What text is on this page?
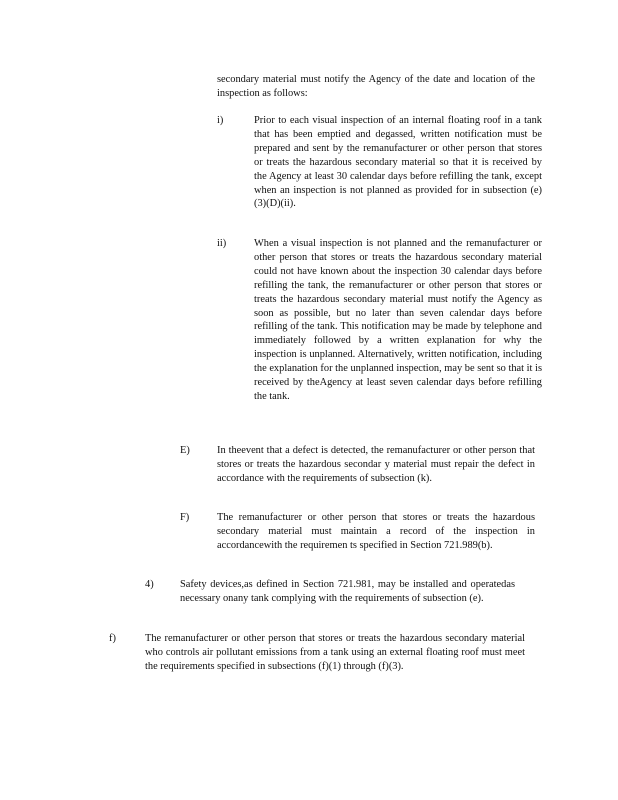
secondary material must notify the Agency of the date and location of the inspection as follows:

i)	Prior to each visual inspection of an internal floating roof in a tank that has been emptied and degassed, written notification must be prepared and sent by the remanufacturer or other person that stores or treats the hazardous secondary material so that it is received by the Agency at least 30 calendar days before refilling the tank, except when an inspection is not planned as provided for in subsection (e)(3)(D)(ii).

ii)	When a visual inspection is not planned and the remanufacturer or other person that stores or treats the hazardous secondary material could not have known about the inspection 30 calendar days before refilling the tank, the remanufacturer or other person that stores or treats the hazardous secondary material must notify the Agency as soon as possible, but no later than seven calendar days before refilling of the tank. This notification may be made by telephone and immediately followed by a written explanation for why the inspection is unplanned. Alternatively, written notification, including the explanation for the unplanned inspection, may be sent so that it is received by theAgency at least seven calendar days before refilling the tank.

E)	In theevent that a defect is detected, the remanufacturer or other person that stores or treats the hazardous secondar y material must repair the defect in accordance with the requirements of subsection (k).

F)	The remanufacturer or other person that stores or treats the hazardous secondary material must maintain a record of the inspection in accordancewith the requiremen ts specified in Section 721.989(b).

4)	Safety devices,as defined in Section 721.981, may be installed and operatedas necessary onany tank complying with the requirements of subsection (e).

f)	The remanufacturer or other person that stores or treats the hazardous secondary material who controls air pollutant emissions from a tank using an external floating roof must meet the requirements specified in subsections (f)(1) through (f)(3).
